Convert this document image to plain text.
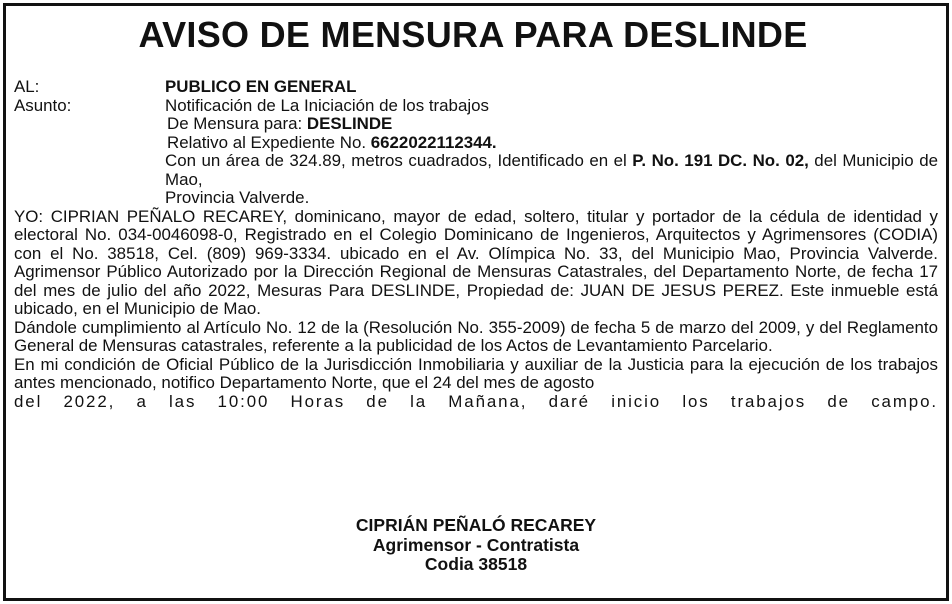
AVISO DE MENSURA PARA DESLINDE
AL:	PUBLICO EN GENERAL
Asunto:	Notificación de La Iniciación de los trabajos
De Mensura para: DESLINDE
Relativo al Expediente No. 6622022112344.
Con un área de 324.89, metros cuadrados, Identificado en el P. No. 191 DC. No. 02, del Municipio de Mao,
Provincia Valverde.
YO: CIPRIAN PEÑALO RECAREY, dominicano, mayor de edad, soltero, titular y portador de la cédula de identidad y electoral No. 034-0046098-0, Registrado en el Colegio Dominicano de Ingenieros, Arquitectos y Agrimensores (CODIA) con el No. 38518, Cel. (809) 969-3334. ubicado en el Av. Olímpica No. 33, del Municipio Mao, Provincia Valverde. Agrimensor Público Autorizado por la Dirección Regional de Mensuras Catastrales, del Departamento Norte, de fecha 17 del mes de julio del año 2022, Mesuras Para DESLINDE, Propiedad de: JUAN DE JESUS PEREZ. Este inmueble está ubicado, en el Municipio de Mao.
Dándole cumplimiento al Artículo No. 12 de la (Resolución No. 355-2009) de fecha 5 de marzo del 2009, y del Reglamento General de Mensuras catastrales, referente a la publicidad de los Actos de Levantamiento Parcelario.
En mi condición de Oficial Público de la Jurisdicción Inmobiliaria y auxiliar de la Justicia para la ejecución de los trabajos antes mencionado, notifico Departamento Norte, que el 24 del mes de agosto
del 2022, a las 10:00 Horas de la Mañana, daré inicio los trabajos de campo.
CIPRIÁN PEÑALÓ RECAREY
Agrimensor - Contratista
Codia 38518
